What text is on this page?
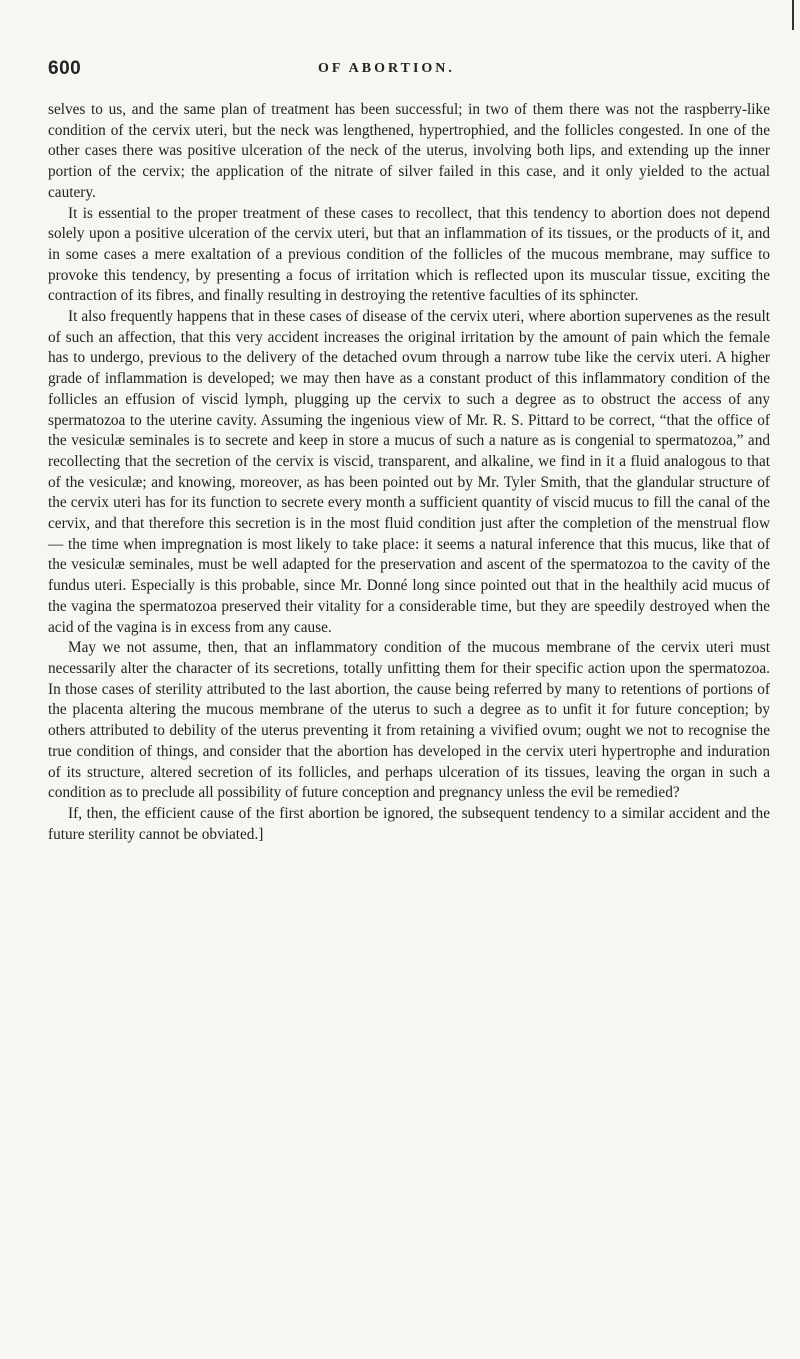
600	OF ABORTION.

selves to us, and the same plan of treatment has been successful; in two of them there was not the raspberry-like condition of the cervix uteri, but the neck was lengthened, hypertrophied, and the follicles congested. In one of the other cases there was positive ulceration of the neck of the uterus, involving both lips, and extending up the inner portion of the cervix; the application of the nitrate of silver failed in this case, and it only yielded to the actual cautery.

It is essential to the proper treatment of these cases to recollect, that this tendency to abortion does not depend solely upon a positive ulceration of the cervix uteri, but that an inflammation of its tissues, or the products of it, and in some cases a mere exaltation of a previous condition of the follicles of the mucous membrane, may suffice to provoke this tendency, by presenting a focus of irritation which is reflected upon its muscular tissue, exciting the contraction of its fibres, and finally resulting in destroying the retentive faculties of its sphincter.

It also frequently happens that in these cases of disease of the cervix uteri, where abortion supervenes as the result of such an affection, that this very accident increases the original irritation by the amount of pain which the female has to undergo, previous to the delivery of the detached ovum through a narrow tube like the cervix uteri. A higher grade of inflammation is developed; we may then have as a constant product of this inflammatory condition of the follicles an effusion of viscid lymph, plugging up the cervix to such a degree as to obstruct the access of any spermatozoa to the uterine cavity. Assuming the ingenious view of Mr. R. S. Pittard to be correct, “that the office of the vesiculæ seminales is to secrete and keep in store a mucus of such a nature as is congenial to spermatozoa,” and recollecting that the secretion of the cervix is viscid, transparent, and alkaline, we find in it a fluid analogous to that of the vesiculæ; and knowing, moreover, as has been pointed out by Mr. Tyler Smith, that the glandular structure of the cervix uteri has for its function to secrete every month a sufficient quantity of viscid mucus to fill the canal of the cervix, and that therefore this secretion is in the most fluid condition just after the completion of the menstrual flow — the time when impregnation is most likely to take place: it seems a natural inference that this mucus, like that of the vesiculæ seminales, must be well adapted for the preservation and ascent of the spermatozoa to the cavity of the fundus uteri. Especially is this probable, since Mr. Donné long since pointed out that in the healthily acid mucus of the vagina the spermatozoa preserved their vitality for a considerable time, but they are speedily destroyed when the acid of the vagina is in excess from any cause.

May we not assume, then, that an inflammatory condition of the mucous membrane of the cervix uteri must necessarily alter the character of its secretions, totally unfitting them for their specific action upon the spermatozoa. In those cases of sterility attributed to the last abortion, the cause being referred by many to retentions of portions of the placenta altering the mucous membrane of the uterus to such a degree as to unfit it for future conception; by others attributed to debility of the uterus preventing it from retaining a vivified ovum; ought we not to recognise the true condition of things, and consider that the abortion has developed in the cervix uteri hypertrophe and induration of its structure, altered secretion of its follicles, and perhaps ulceration of its tissues, leaving the organ in such a condition as to preclude all possibility of future conception and pregnancy unless the evil be remedied?

If, then, the efficient cause of the first abortion be ignored, the subsequent tendency to a similar accident and the future sterility cannot be obviated.]
